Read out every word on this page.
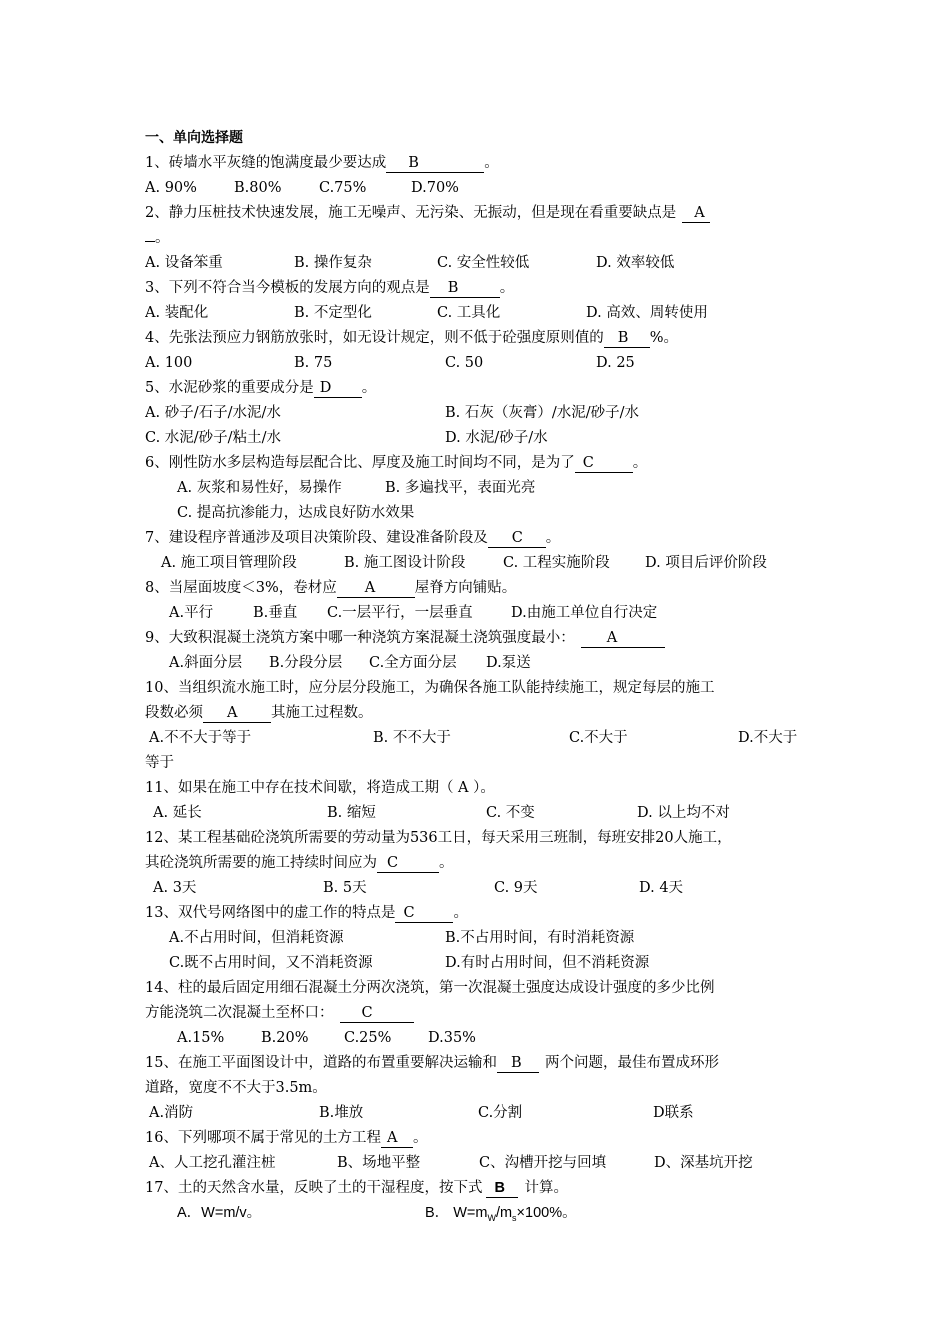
一、单向选择题
1、砖墙水平灰缝的饱满度最少要达成 B	。
A. 90%	B.80%	C.75%	D.70%
2、静力压桩技术快速发展，施工无噪声、无污染、无振动，但是现在看重要缺点是 A
。
A. 设备笨重	B. 操作复杂	C. 安全性较低	D. 效率较低
3、下列不符合当今模板的发展方向的观点是 B	。
A. 装配化	B. 不定型化	C. 工具化	D. 高效、周转使用
4、先张法预应力钢筋放张时，如无设计规定，则不低于砼强度原则值的 B %。
A. 100	B. 75	C. 50	D. 25
5、水泥砂浆的重要成分是 D 。
A. 砂子/石子/水泥/水	B. 石灰（灰膏）/水泥/砂子/水
C. 水泥/砂子/粘土/水	D. 水泥/砂子/水
6、刚性防水多层构造每层配合比、厚度及施工时间均不同，是为了 C	。
A. 灰浆和易性好，易操作	B. 多遍找平，表面光亮
C. 提高抗渗能力，达成良好防水效果
7、建设程序普通涉及项目决策阶段、建设准备阶段及 C 。
A. 施工项目管理阶段	B. 施工图设计阶段	C. 工程实施阶段 D. 项目后评价阶段
8、当屋面坡度＜3%，卷材应 A	屋脊方向铺贴。
A.平行	B.垂直 C.一层平行，一层垂直	D.由施工单位自行决定
9、大致积混凝土浇筑方案中哪一种浇筑方案混凝土浇筑强度最小： A
A.斜面分层 B.分段分层 C.全方面分层 D.泵送
10、当组织流水施工时，应分层分段施工，为确保各施工队能持续施工，规定每层的施工
段数必须 A 其施工过程数。
A.不不大于等于	B. 不不大于	C.不大于	D.不大于
等于
11、如果在施工中存在技术间歇，将造成工期（ A ）。
A. 延长	B. 缩短	C. 不变	D. 以上均不对
12、某工程基础砼浇筑所需要的劳动量为536工日，每天采用三班制，每班安排20人施工，
其砼浇筑所需要的施工持续时间应为 C	。
A. 3天	B. 5天	C. 9天	D. 4天
13、双代号网络图中的虚工作的特点是 C	。
A.不占用时间，但消耗资源	B.不占用时间，有时消耗资源
C.既不占用时间，又不消耗资源	D.有时占用时间，但不消耗资源
14、柱的最后固定用细石混凝土分两次浇筑，第一次混凝土强度达成设计强度的多少比例
方能浇筑二次混凝土至杯口： C
A.15%	B.20% C.25%	D.35%
15、在施工平面图设计中，道路的布置重要解决运输和 B 两个问题，最佳布置成环形
道路，宽度不不大于3.5m。
A.消防	B.堆放	C.分割	D联系
16、下列哪项不属于常见的土方工程 A 。
A、人工挖孔灌注桩	B、场地平整	C、沟槽开挖与回填	D、深基坑开挖
17、土的天然含水量，反映了土的干湿程度，按下式 B 计算。
A．W=m/v。	B． $W=m_W/m_s\times 100\%$。
